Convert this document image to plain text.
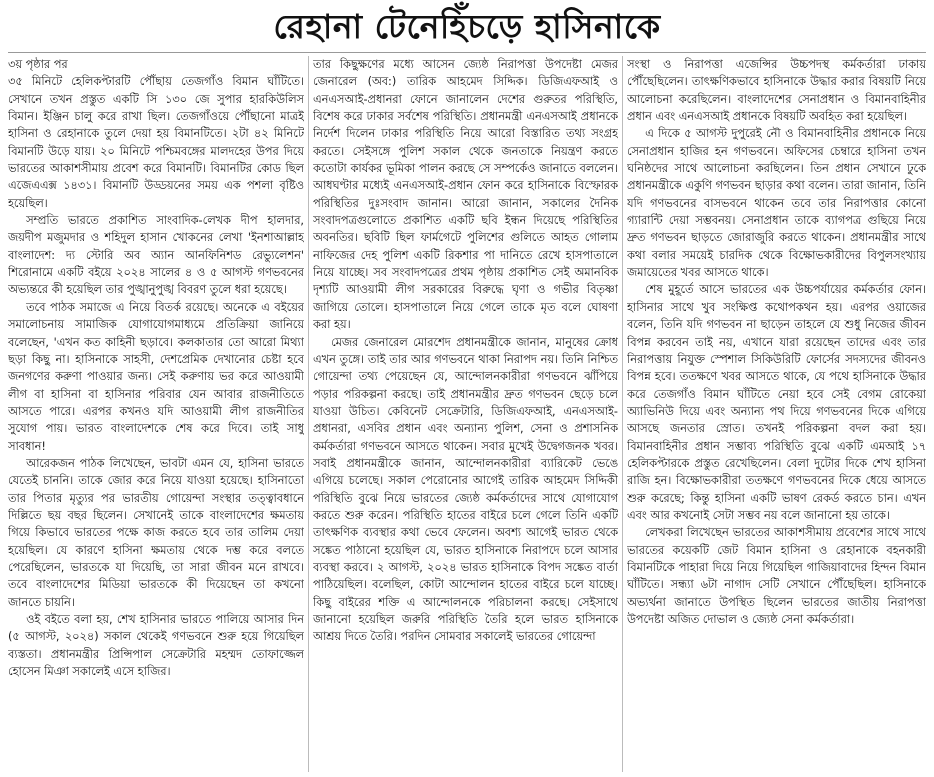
রেহানা টেনেহিঁচড়ে হাসিনাকে

৩য় পৃষ্ঠার পর

৩৫ মিনিটে হেলিকপ্টারটি পৌঁছায় তেজগাঁও বিমান ঘাঁটিতে। সেখানে তখন প্রস্তুত একটি সি ১৩০ জে সুপার হারকিউলিস বিমান। ইঞ্জিন চালু করে রাখা ছিল। তেজগাঁওয়ে পৌঁছানো মাত্রই হাসিনা ও রেহানাকে তুলে দেয়া হয় বিমানটিতে। ২টা ৪২ মিনিটে বিমানটি উড়ে যায়। ২০ মিনিটে পশ্চিমবঙ্গের মালদহের উপর দিয়ে ভারতের আকাশসীমায় প্রবেশ করে বিমানটি। বিমানটির কোড ছিল এজেএএক্স ১৪৩১। বিমানটি উড্ডয়নের সময় এক পশলা বৃষ্টিও হয়েছিল।

সম্প্রতি ভারতে প্রকাশিত সাংবাদিক-লেখক দীপ হালদার, জয়দীপ মজুমদার ও শহিদুল হাসান খোকনের লেখা 'ইনশাআল্লাহ বাংলাদেশ: দ্য স্টোরি অব অ্যান আনফিনিশড রেভ্যুলেশন' শিরোনামে একটি বইয়ে ২০২৪ সালের ৪ ও ৫ আগস্ট গণভবনের অভ্যন্তরে কী হয়েছিল তার পুঙ্খানুপুঙ্খ বিবরণ তুলে ধরা হয়েছে।

তবে পাঠক সমাজে এ নিয়ে বিতর্ক রয়েছে। অনেকে এ বইয়ের সমালোচনায় সামাজিক যোগাযোগমাধ্যমে প্রতিক্রিয়া জানিয়ে বলেছেন, 'এখন কত কাহিনী ছড়াবে। কলকাতার তো আরো মিথ্যা ছড়া কিছু না। হাসিনাকে সাহসী, দেশপ্রেমিক দেখানোর চেষ্টা হবে জনগণের করুণা পাওয়ার জন্য। সেই করুণায় ভর করে আওয়ামী লীগ বা হাসিনা বা হাসিনার পরিবার যেন আবার রাজনীতিতে আসতে পারে। এরপর কখনও যদি আওয়ামী লীগ রাজনীতির সুযোগ পায়। ভারত বাংলাদেশকে শেষ করে দিবে। তাই সাধু সাবধান!

আরেকজন পাঠক লিখেছেন, ভাবটা এমন যে, হাসিনা ভারতে যেতেই চাননি। তাকে জোর করে নিয়ে যাওয়া হয়েছে। হাসিনাতো তার পিতার মৃত্যুর পর ভারতীয় গোয়েন্দা সংস্থার তত্ত্বাবধানে দিল্লিতে ছয় বছর ছিলেন। সেখানেই তাকে বাংলাদেশের ক্ষমতায় গিয়ে কিভাবে ভারতের পক্ষে কাজ করতে হবে তার তালিম দেয়া হয়েছিল। যে কারণে হাসিনা ক্ষমতায় থেকে দম্ভ করে বলতে পেরেছিলেন, ভারতকে যা দিয়েছি, তা সারা জীবন মনে রাখবে। তবে বাংলাদেশের মিডিয়া ভারতকে কী দিয়েছেন তা কখনো জানতে চায়নি।

ওই বইতে বলা হয়, শেখ হাসিনার ভারতে পালিয়ে আসার দিন (৫ আগস্ট, ২০২৪) সকাল থেকেই গণভবনে শুরু হয়ে গিয়েছিল ব্যস্ততা। প্রধানমন্ত্রীর প্রিন্সিপাল সেক্রেটারি মহম্মদ তোফাজ্জেল হোসেন মিঞা সকালেই এসে হাজির।

তার কিছুক্ষণের মধ্যে আসেন জ্যেষ্ঠ নিরাপত্তা উপদেষ্টা মেজর জেনারেল (অব:) তারিক আহমেদ সিদ্দিক। ডিজিএফআই ও এনএসআই-প্রধানরা ফোনে জানালেন দেশের গুরুতর পরিস্থিতি, বিশেষ করে ঢাকার সর্বশেষ পরিস্থিতি। প্রধানমন্ত্রী এনএসআই প্রধানকে নির্দেশ দিলেন ঢাকার পরিস্থিতি নিয়ে আরো বিস্তারিত তথ্য সংগ্রহ করতে। সেইসঙ্গে পুলিশ সকাল থেকে জনতাকে নিয়ন্ত্রণ করতে কতোটা কার্যকর ভূমিকা পালন করছে সে সম্পর্কেও জানাতে বললেন। আধঘণ্টার মধ্যেই এনএসআই-প্রধান ফোন করে হাসিনাকে বিস্ফোরক পরিস্থিতির দুঃসংবাদ জানান। আরো জানান, সকালের দৈনিক সংবাদপত্রগুলোতে প্রকাশিত একটি ছবি ইন্ধন দিয়েছে পরিস্থিতির অবনতির। ছবিটি ছিল ফার্মগেটে পুলিশের গুলিতে আহত গোলাম নাফিজের দেহ পুলিশ একটি রিকশার পা দানিতে রেখে হাসপাতালে নিয়ে যাচ্ছে। সব সংবাদপত্রের প্রথম পৃষ্ঠায় প্রকাশিত সেই অমানবিক দৃশ্যটি আওয়ামী লীগ সরকারের বিরুদ্ধে ঘৃণা ও গভীর বিতৃষ্ণা জাগিয়ে তোলে। হাসপাতালে নিয়ে গেলে তাকে মৃত বলে ঘোষণা করা হয়।

মেজর জেনারেল মোরশেদ প্রধানমন্ত্রীকে জানান, মানুষের ক্রোধ এখন তুঙ্গে। তাই তার আর গণভবনে থাকা নিরাপদ নয়। তিনি নিশ্চিত গোয়েন্দা তথ্য পেয়েছেন যে, আন্দোলনকারীরা গণভবনে ঝাঁপিয়ে পড়ার পরিকল্পনা করছে। তাই প্রধানমন্ত্রীর দ্রুত গণভবন ছেড়ে চলে যাওয়া উচিত। কেবিনেট সেক্রেটারি, ডিজিএফআই, এনএসআই-প্রধানরা, এসবির প্রধান এবং অন্যান্য পুলিশ, সেনা ও প্রশাসনিক কর্মকর্তারা গণভবনে আসতে থাকেন। সবার মুখেই উদ্বেগজনক খবর। সবাই প্রধানমন্ত্রীকে জানান, আন্দোলনকারীরা ব্যারিকেট ভেঙে এগিয়ে চলেছে। সকাল পেরোনোর আগেই তারিক আহমেদ সিদ্দিকী পরিস্থিতি বুঝে নিয়ে ভারতের জ্যেষ্ঠ কর্মকর্তাদের সাথে যোগাযোগ করতে শুরু করেন। পরিস্থিতি হাতের বাইরে চলে গেলে তিনি একটি তাৎক্ষণিক ব্যবস্থার কথা ভেবে ফেলেন। অবশ্য আগেই ভারত থেকে সঙ্কেত পাঠানো হয়েছিল যে, ভারত হাসিনাকে নিরাপদে চলে আসার ব্যবস্থা করবে। ২ আগস্ট, ২০২৪ ভারত হাসিনাকে বিপদ সঙ্কেত বার্তা পাঠিয়েছিল। বলেছিল, কোটা আন্দোলন হাতের বাইরে চলে যাচ্ছে। কিছু বাইরের শক্তি এ আন্দোলনকে পরিচালনা করছে। সেইসাথে জানানো হয়েছিল জরুরি পরিস্থিতি তৈরি হলে ভারত হাসিনাকে আশ্রয় দিতে তৈরি। পরদিন সোমবার সকালেই ভারতের গোয়েন্দা

সংস্থা ও নিরাপত্তা এজেন্সির উচ্চপদস্থ কর্মকর্তারা ঢাকায় পৌঁছেছিলেন। তাৎক্ষণিকভাবে হাসিনাকে উদ্ধার করার বিষয়টি নিয়ে আলোচনা করেছিলেন। বাংলাদেশের সেনাপ্রধান ও বিমানবাহিনীর প্রধান এবং এনএসআই প্রধানকে বিষয়টি অবহিত করা হয়েছিল।

এ দিকে ৫ আগস্ট দুপুরেই নৌ ও বিমানবাহিনীর প্রধানকে নিয়ে সেনাপ্রধান হাজির হন গণভবনে। অফিসের চেম্বারে হাসিনা তখন ঘনিষ্ঠদের সাথে আলোচনা করছিলেন। তিন প্রধান সেখানে ঢুকে প্রধানমন্ত্রীকে একুণি গণভবন ছাড়ার কথা বলেন। তারা জানান, তিনি যদি গণভবনের বাসভবনে থাকেন তবে তার নিরাপত্তার কোনো গ্যারান্টি দেয়া সম্ভবনয়। সেনাপ্রধান তাকে ব্যাগপত্র গুছিয়ে নিয়ে দ্রুত গণভবন ছাড়তে জোরাজুরি করতে থাকেন। প্রধানমন্ত্রীর সাথে কথা বলার সময়েই চারদিক থেকে বিক্ষোভকারীদের বিপুলসংখ্যায় জমায়েতের খবর আসতে থাকে।

শেষ মুহূর্তে আসে ভারতের এক উচ্চপর্যায়ের কর্মকর্তার ফোন। হাসিনার সাথে খুব সংক্ষিপ্ত কথোপকথন হয়। এরপর ওয়াজের বলেন, তিনি যদি গণভবন না ছাড়েন তাহলে যে শুধু নিজের জীবন বিপন্ন করবেন তাই নয়, এখানে যারা রয়েছেন তাদের এবং তার নিরাপত্তায় নিযুক্ত স্পেশাল সিকিউরিটি ফোর্সের সদস্যদের জীবনও বিপন্ন হবে। ততক্ষণে খবর আসতে থাকে, যে পথে হাসিনাকে উদ্ধার করে তেজগাঁও বিমান ঘাঁটিতে নেয়া হবে সেই বেগম রোকেয়া অ্যাভিনিউ দিয়ে এবং অন্যান্য পথ দিয়ে গণভবনের দিকে এগিয়ে আসছে জনতার স্রোত। তখনই পরিকল্পনা বদল করা হয়। বিমানবাহিনীর প্রধান সম্ভাব্য পরিস্থিতি বুঝে একটি এমআই ১৭ হেলিকপ্টারকে প্রস্তুত রেখেছিলেন। বেলা দুটোর দিকে শেখ হাসিনা রাজি হন। বিক্ষোভকারীরা ততক্ষণে গণভবনের দিকে ধেয়ে আসতে শুরু করেছে; কিন্তু হাসিনা একটি ভাষণ রেকর্ড করতে চান। এখন এবং আর কখনোই সেটা সম্ভব নয় বলে জানানো হয় তাকে।

লেখকরা লিখেছেন ভারতের আকাশসীমায় প্রবেশের সাথে সাথে ভারতের কয়েকটি জেট বিমান হাসিনা ও রেহানাকে বহনকারী বিমানটিকে পাহারা দিয়ে নিয়ে গিয়েছিল গাজিয়াবাদের হিন্দন বিমান ঘাঁটিতে। সন্ধ্যা ৬টা নাগাদ সেটি সেখানে পৌঁছেছিল। হাসিনাকে অভ্যর্থনা জানাতে উপস্থিত ছিলেন ভারতের জাতীয় নিরাপত্তা উপদেষ্টা অজিত দোভাল ও জ্যেষ্ঠ সেনা কর্মকর্তারা।
